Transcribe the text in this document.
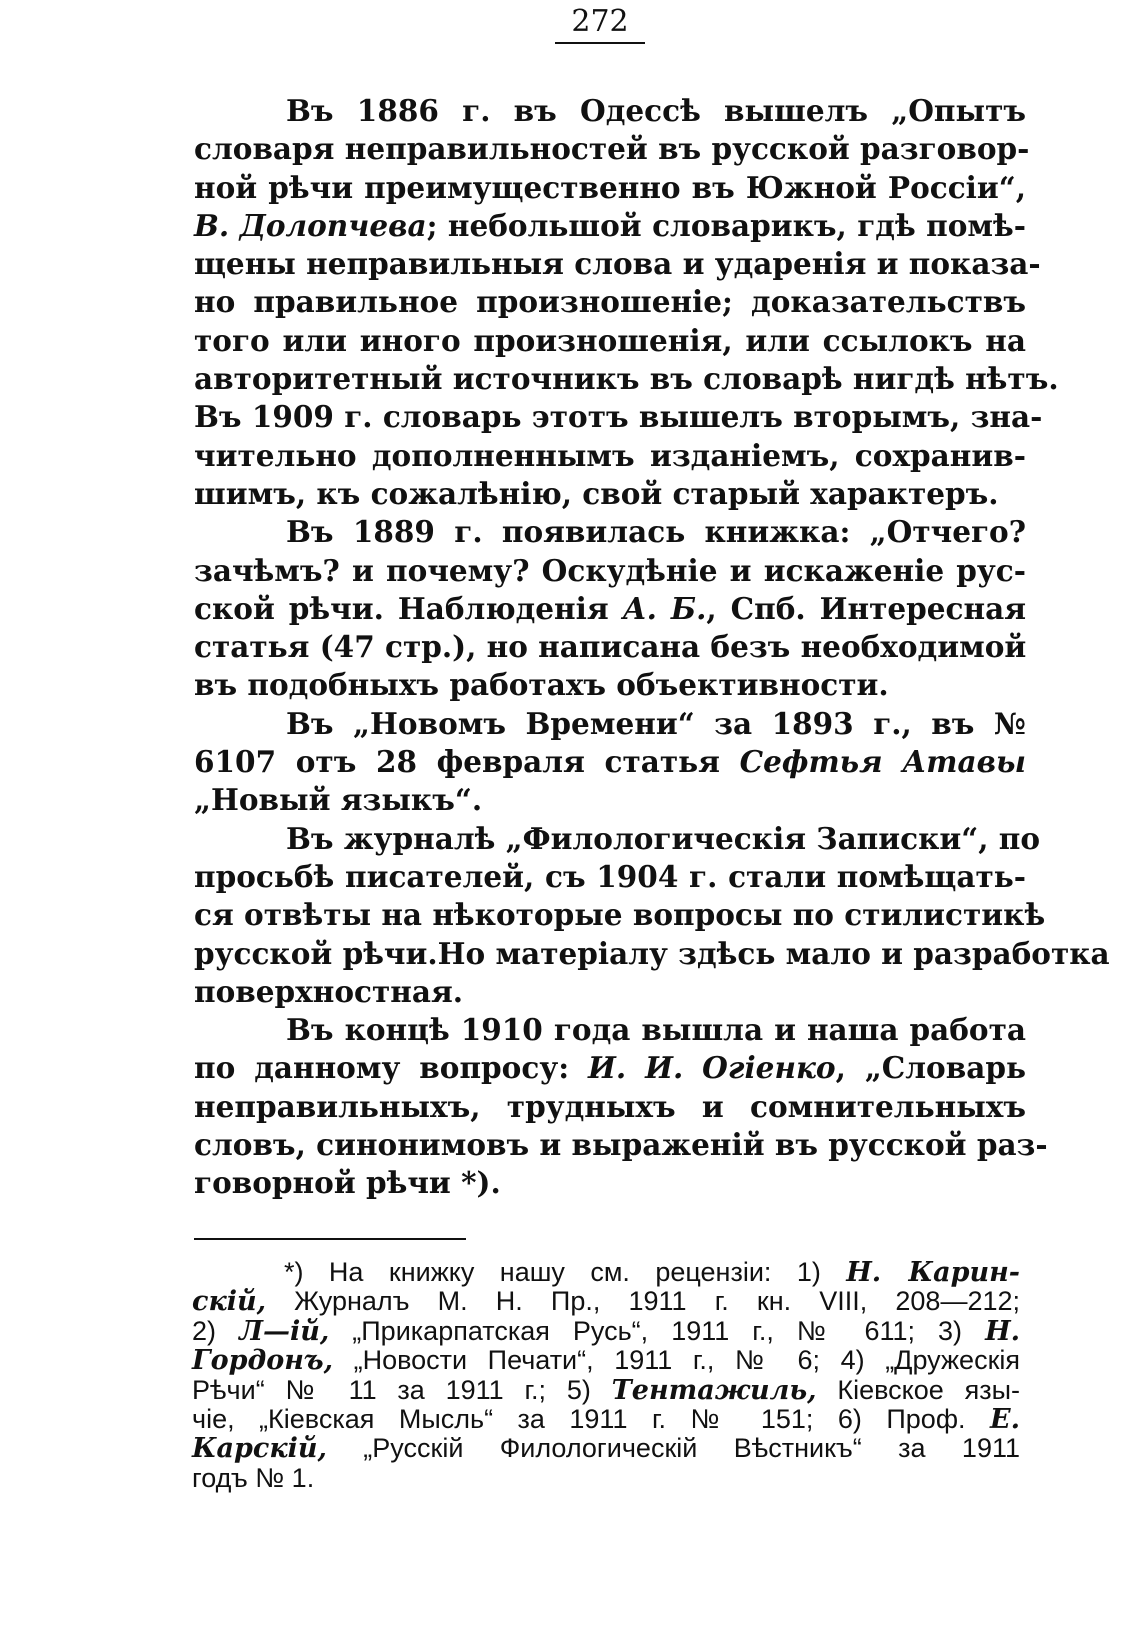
272
Въ 1886 г. въ Одессѣ вышелъ „Опытъ
словаря неправильностей въ русской разговор-
ной рѣчи преимущественно въ Южной Россіи“,
В. Долопчева; небольшой словарикъ, гдѣ помѣ-
щены неправильныя слова и ударенія и показа-
но правильное произношеніе; доказательствъ
того или иного произношенія, или ссылокъ на
авторитетный источникъ въ словарѣ нигдѣ нѣтъ.
Въ 1909 г. словарь этотъ вышелъ вторымъ, зна-
чительно дополненнымъ изданіемъ, сохранив-
шимъ, къ сожалѣнію, свой старый характеръ.
Въ 1889 г. появилась книжка: „Отчего?
зачѣмъ? и почему? Оскудѣніе и искаженіе рус-
ской рѣчи. Наблюденія А. Б., Спб. Интересная
статья (47 стр.), но написана безъ необходимой
въ подобныхъ работахъ объективности.
Въ „Новомъ Времени“ за 1893 г., въ №
6107 отъ 28 февраля статья Сефтья Атавы
„Новый языкъ“.
Въ журналѣ „Филологическія Записки“, по
просьбѣ писателей, съ 1904 г. стали помѣщать-
ся отвѣты на нѣкоторые вопросы по стилистикѣ
русской рѣчи.Но матеріалу здѣсь мало и разработка
поверхностная.
Въ концѣ 1910 года вышла и наша работа
по данному вопросу: И. И. Огіенко, „Словарь
неправильныхъ, трудныхъ и сомнительныхъ
словъ, синонимовъ и выраженій въ русской раз-
говорной рѣчи *).
*) На книжку нашу см. рецензіи: 1) Н. Карин-
скій, Журналъ М. Н. Пр., 1911 г. кн. VIII, 208—212;
2) Л—ій, „Прикарпатская Русь“, 1911 г., № 611; 3) Н.
Гордонъ, „Новости Печати“, 1911 г., № 6; 4) „Дружескія
Рѣчи“ № 11 за 1911 г.; 5) Тентажиль, Кіевское язы-
чіе, „Кіевская Мысль“ за 1911 г. № 151; 6) Проф. Е.
Карскій, „Русскій Филологическій Вѣстникъ“ за 1911
годъ № 1.
